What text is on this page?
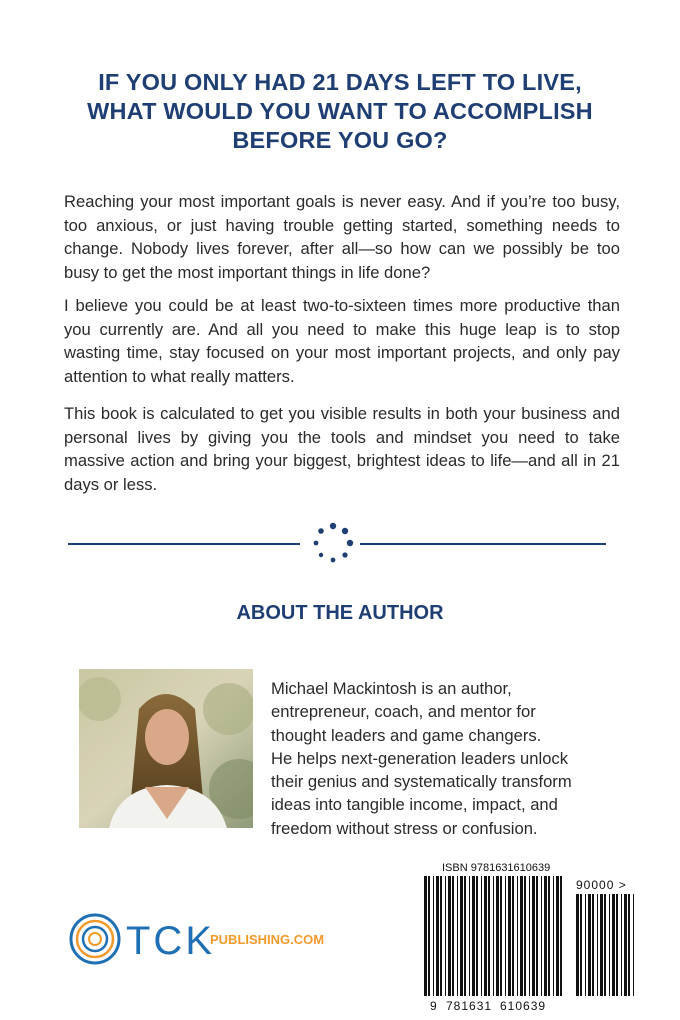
IF YOU ONLY HAD 21 DAYS LEFT TO LIVE,
WHAT WOULD YOU WANT TO ACCOMPLISH
BEFORE YOU GO?

Reaching your most important goals is never easy. And if you’re too busy, too anxious, or just having trouble getting started, something needs to change. Nobody lives forever, after all—so how can we possibly be too busy to get the most important things in life done?

I believe you could be at least two-to-sixteen times more productive than you currently are. And all you need to make this huge leap is to stop wasting time, stay focused on your most important projects, and only pay attention to what really matters.

This book is calculated to get you visible results in both your business and personal lives by giving you the tools and mindset you need to take massive action and bring your biggest, brightest ideas to life—and all in 21 days or less.

ABOUT THE AUTHOR
Michael Mackintosh is an author,
entrepreneur, coach, and mentor for
thought leaders and game changers.
He helps next-generation leaders unlock
their genius and systematically transform
ideas into tangible income, impact, and
freedom without stress or confusion.
TCK
PUBLISHING.COM
ISBN 9781631610639
90000 >
9 781631 610639
